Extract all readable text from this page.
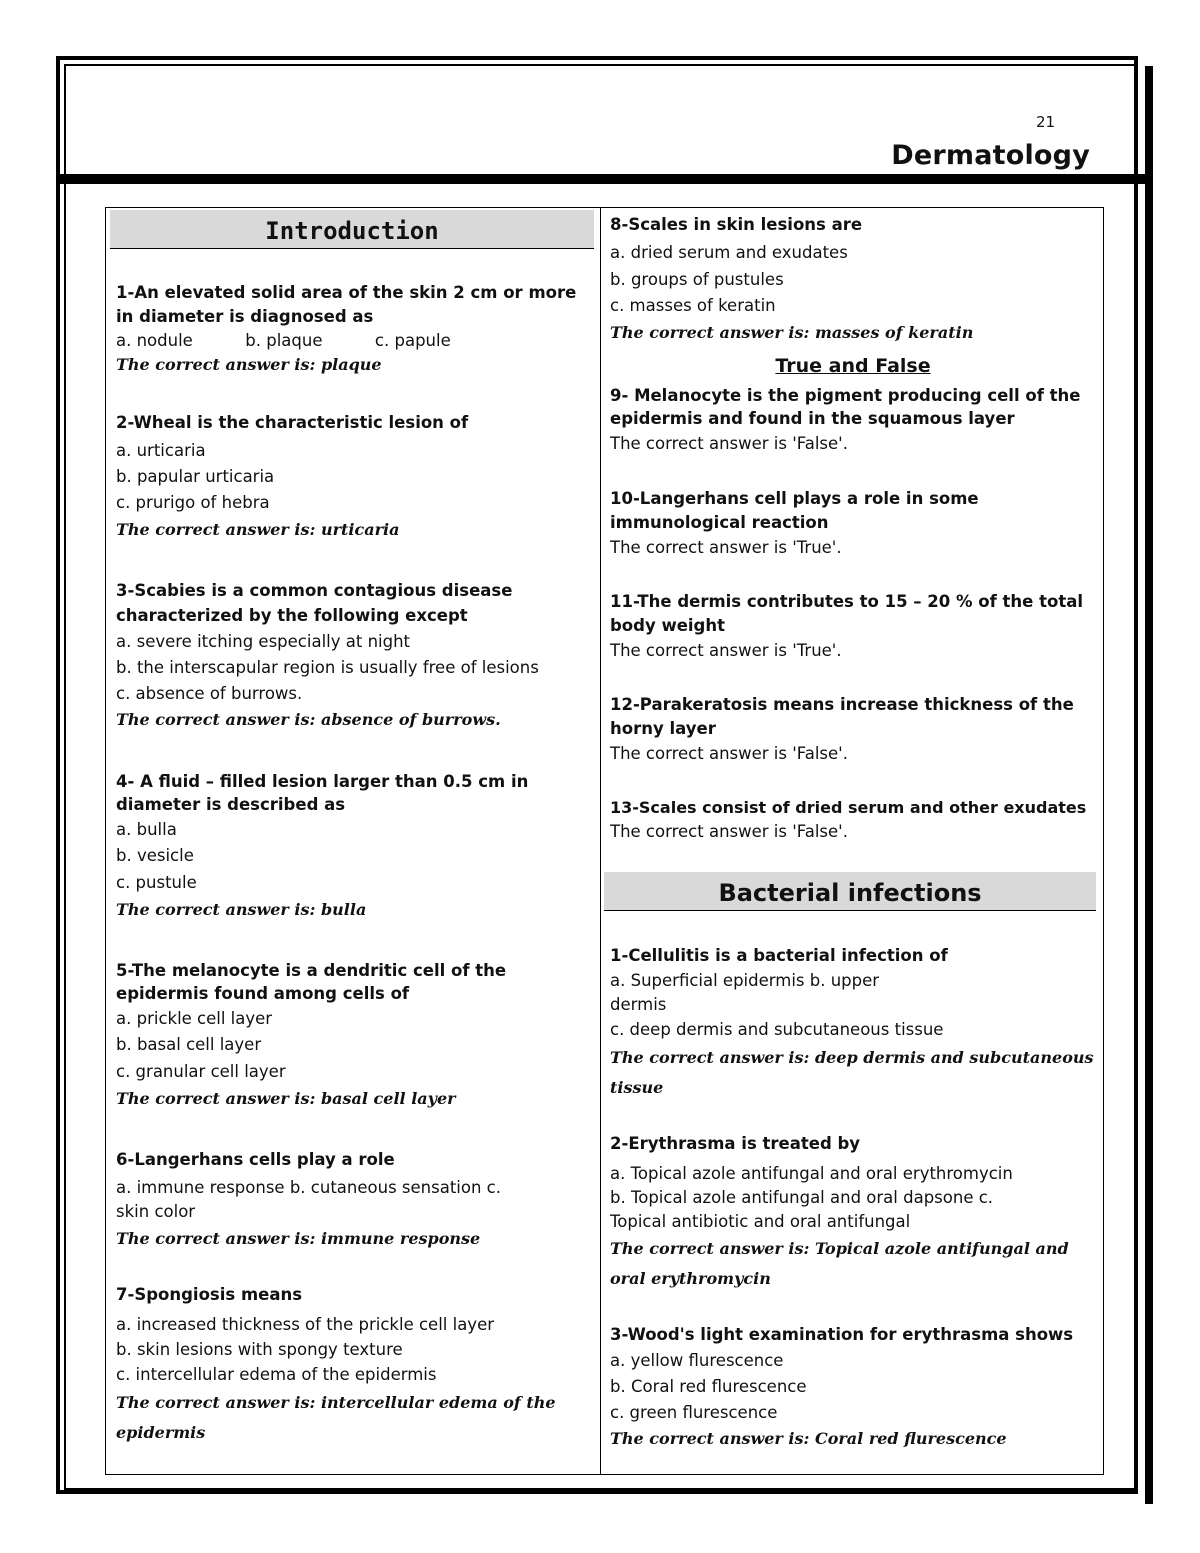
21
Dermatology
Introduction
1-An elevated solid area of the skin 2 cm or more in diameter is diagnosed as
a. nodule          b. plaque          c. papule
The correct answer is: plaque
2-Wheal is the characteristic lesion of
a. urticaria
b. papular urticaria
c. prurigo of hebra
The correct answer is: urticaria
3-Scabies is a common contagious disease characterized by the following except
a. severe itching especially at night
b. the interscapular region is usually free of lesions
c. absence of burrows.
The correct answer is: absence of burrows.
4- A fluid – filled lesion larger than 0.5 cm in diameter is described as
a. bulla
b. vesicle
c. pustule
The correct answer is: bulla
5-The melanocyte is a dendritic cell of the epidermis found among cells of
a. prickle cell layer
b. basal cell layer
c. granular cell layer
The correct answer is: basal cell layer
6-Langerhans cells play a role
a. immune response b. cutaneous sensation c. skin color
The correct answer is: immune response
7-Spongiosis means
a. increased thickness of the prickle cell layer
b. skin lesions with spongy texture
c. intercellular edema of the epidermis
The correct answer is: intercellular edema of the epidermis
8-Scales in skin lesions are
a. dried serum and exudates
b. groups of pustules
c. masses of keratin
The correct answer is: masses of keratin
True and False
9- Melanocyte is the pigment producing cell of the epidermis and found in the squamous layer
The correct answer is 'False'.
10-Langerhans cell plays a role in some immunological reaction
The correct answer is 'True'.
11-The dermis contributes to 15 – 20 % of the total body weight
The correct answer is 'True'.
12-Parakeratosis means increase thickness of the horny layer
The correct answer is 'False'.
13-Scales consist of dried serum and other exudates
The correct answer is 'False'.
Bacterial infections
1-Cellulitis is a bacterial infection of
a. Superficial epidermis b. upper
dermis
c. deep dermis and subcutaneous tissue
The correct answer is: deep dermis and subcutaneous tissue
2-Erythrasma is treated by
a. Topical azole antifungal and oral erythromycin
b. Topical azole antifungal and oral dapsone c. Topical antibiotic and oral antifungal
The correct answer is: Topical azole antifungal and oral erythromycin
3-Wood's light examination for erythrasma shows
a. yellow flurescence
b. Coral red flurescence
c. green flurescence
The correct answer is: Coral red flurescence
